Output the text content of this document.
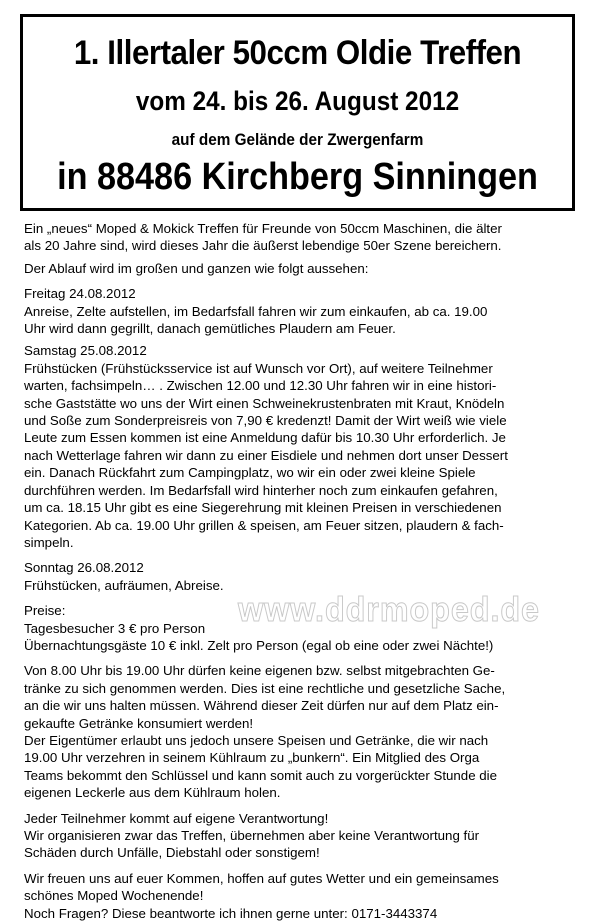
1. Illertaler 50ccm Oldie Treffen
vom 24. bis 26. August 2012
auf dem Gelände der Zwergenfarm
in 88486 Kirchberg Sinningen

Ein „neues“ Moped & Mokick Treffen für Freunde von 50ccm Maschinen, die älter

als 20 Jahre sind, wird dieses Jahr die äußerst lebendige 50er Szene bereichern.

Der Ablauf wird im großen und ganzen wie folgt aussehen:

Freitag 24.08.2012

Anreise, Zelte aufstellen, im Bedarfsfall fahren wir zum einkaufen, ab ca. 19.00

Uhr wird dann gegrillt, danach gemütliches Plaudern am Feuer.

Samstag 25.08.2012

Frühstücken (Frühstücksservice ist auf Wunsch vor Ort), auf weitere Teilnehmer

warten, fachsimpeln… . Zwischen 12.00 und 12.30 Uhr fahren wir in eine histori-

sche Gaststätte wo uns der Wirt einen Schweinekrustenbraten mit Kraut, Knödeln

und Soße zum Sonderpreisreis von 7,90 € kredenzt! Damit der Wirt weiß wie viele

Leute zum Essen kommen ist eine Anmeldung dafür bis 10.30 Uhr erforderlich. Je

nach Wetterlage fahren wir dann zu einer Eisdiele und nehmen dort unser Dessert

ein. Danach Rückfahrt zum Campingplatz, wo wir ein oder zwei kleine Spiele

durchführen werden. Im Bedarfsfall wird hinterher noch zum einkaufen gefahren,

um ca. 18.15 Uhr gibt es eine Siegerehrung mit kleinen Preisen in verschiedenen

Kategorien. Ab ca. 19.00 Uhr grillen & speisen, am Feuer sitzen, plaudern & fach-

simpeln.

Sonntag 26.08.2012

Frühstücken, aufräumen, Abreise.

Preise:

Tagesbesucher 3 € pro Person

Übernachtungsgäste 10 € inkl. Zelt pro Person (egal ob eine oder zwei Nächte!)

Von 8.00 Uhr bis 19.00 Uhr dürfen keine eigenen bzw. selbst mitgebrachten Ge-

tränke zu sich genommen werden. Dies ist eine rechtliche und gesetzliche Sache,

an die wir uns halten müssen. Während dieser Zeit dürfen nur auf dem Platz ein-

gekaufte Getränke konsumiert werden!

Der Eigentümer erlaubt uns jedoch unsere Speisen und Getränke, die wir nach

19.00 Uhr verzehren in seinem Kühlraum zu „bunkern“. Ein Mitglied des Orga

Teams bekommt den Schlüssel und kann somit auch zu vorgerückter Stunde die

eigenen Leckerle aus dem Kühlraum holen.

Jeder Teilnehmer kommt auf eigene Verantwortung!

Wir organisieren zwar das Treffen, übernehmen aber keine Verantwortung für

Schäden durch Unfälle, Diebstahl oder sonstigem!

Wir freuen uns auf euer Kommen, hoffen auf gutes Wetter und ein gemeinsames

schönes Moped Wochenende!

Noch Fragen? Diese beantworte ich ihnen gerne unter: 0171-3443374

www.ddrmoped.de
